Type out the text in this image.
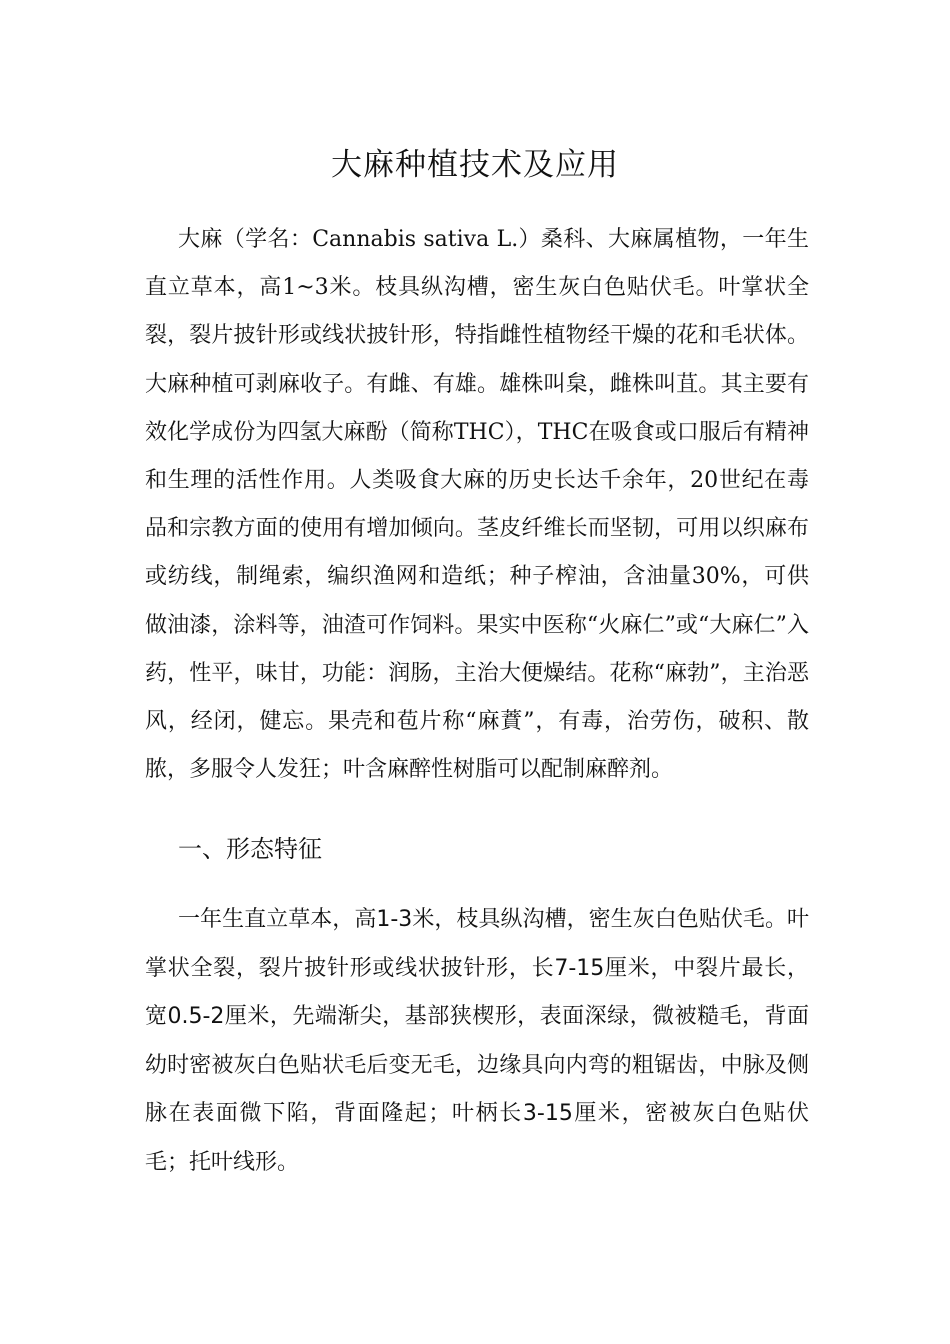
大麻种植技术及应用

大麻（学名：Cannabis sativa L.）桑科、大麻属植物，一年生直立草本，高1~3米。枝具纵沟槽，密生灰白色贴伏毛。叶掌状全裂，裂片披针形或线状披针形，特指雌性植物经干燥的花和毛状体。大麻种植可剥麻收子。有雌、有雄。雄株叫枲，雌株叫苴。其主要有效化学成份为四氢大麻酚（简称THC），THC在吸食或口服后有精神和生理的活性作用。人类吸食大麻的历史长达千余年，20世纪在毒品和宗教方面的使用有增加倾向。茎皮纤维长而坚韧，可用以织麻布或纺线，制绳索，编织渔网和造纸；种子榨油，含油量30%，可供做油漆，涂料等，油渣可作饲料。果实中医称“火麻仁”或“大麻仁”入药，性平，味甘，功能：润肠，主治大便燥结。花称“麻勃”，主治恶风，经闭，健忘。果壳和苞片称“麻蕡”，有毒，治劳伤，破积、散脓，多服令人发狂；叶含麻醉性树脂可以配制麻醉剂。

一、形态特征

一年生直立草本，高1-3米，枝具纵沟槽，密生灰白色贴伏毛。叶掌状全裂，裂片披针形或线状披针形，长7-15厘米，中裂片最长，宽0.5-2厘米，先端渐尖，基部狭楔形，表面深绿，微被糙毛，背面幼时密被灰白色贴状毛后变无毛，边缘具向内弯的粗锯齿，中脉及侧脉在表面微下陷，背面隆起；叶柄长3-15厘米，密被灰白色贴伏毛；托叶线形。
